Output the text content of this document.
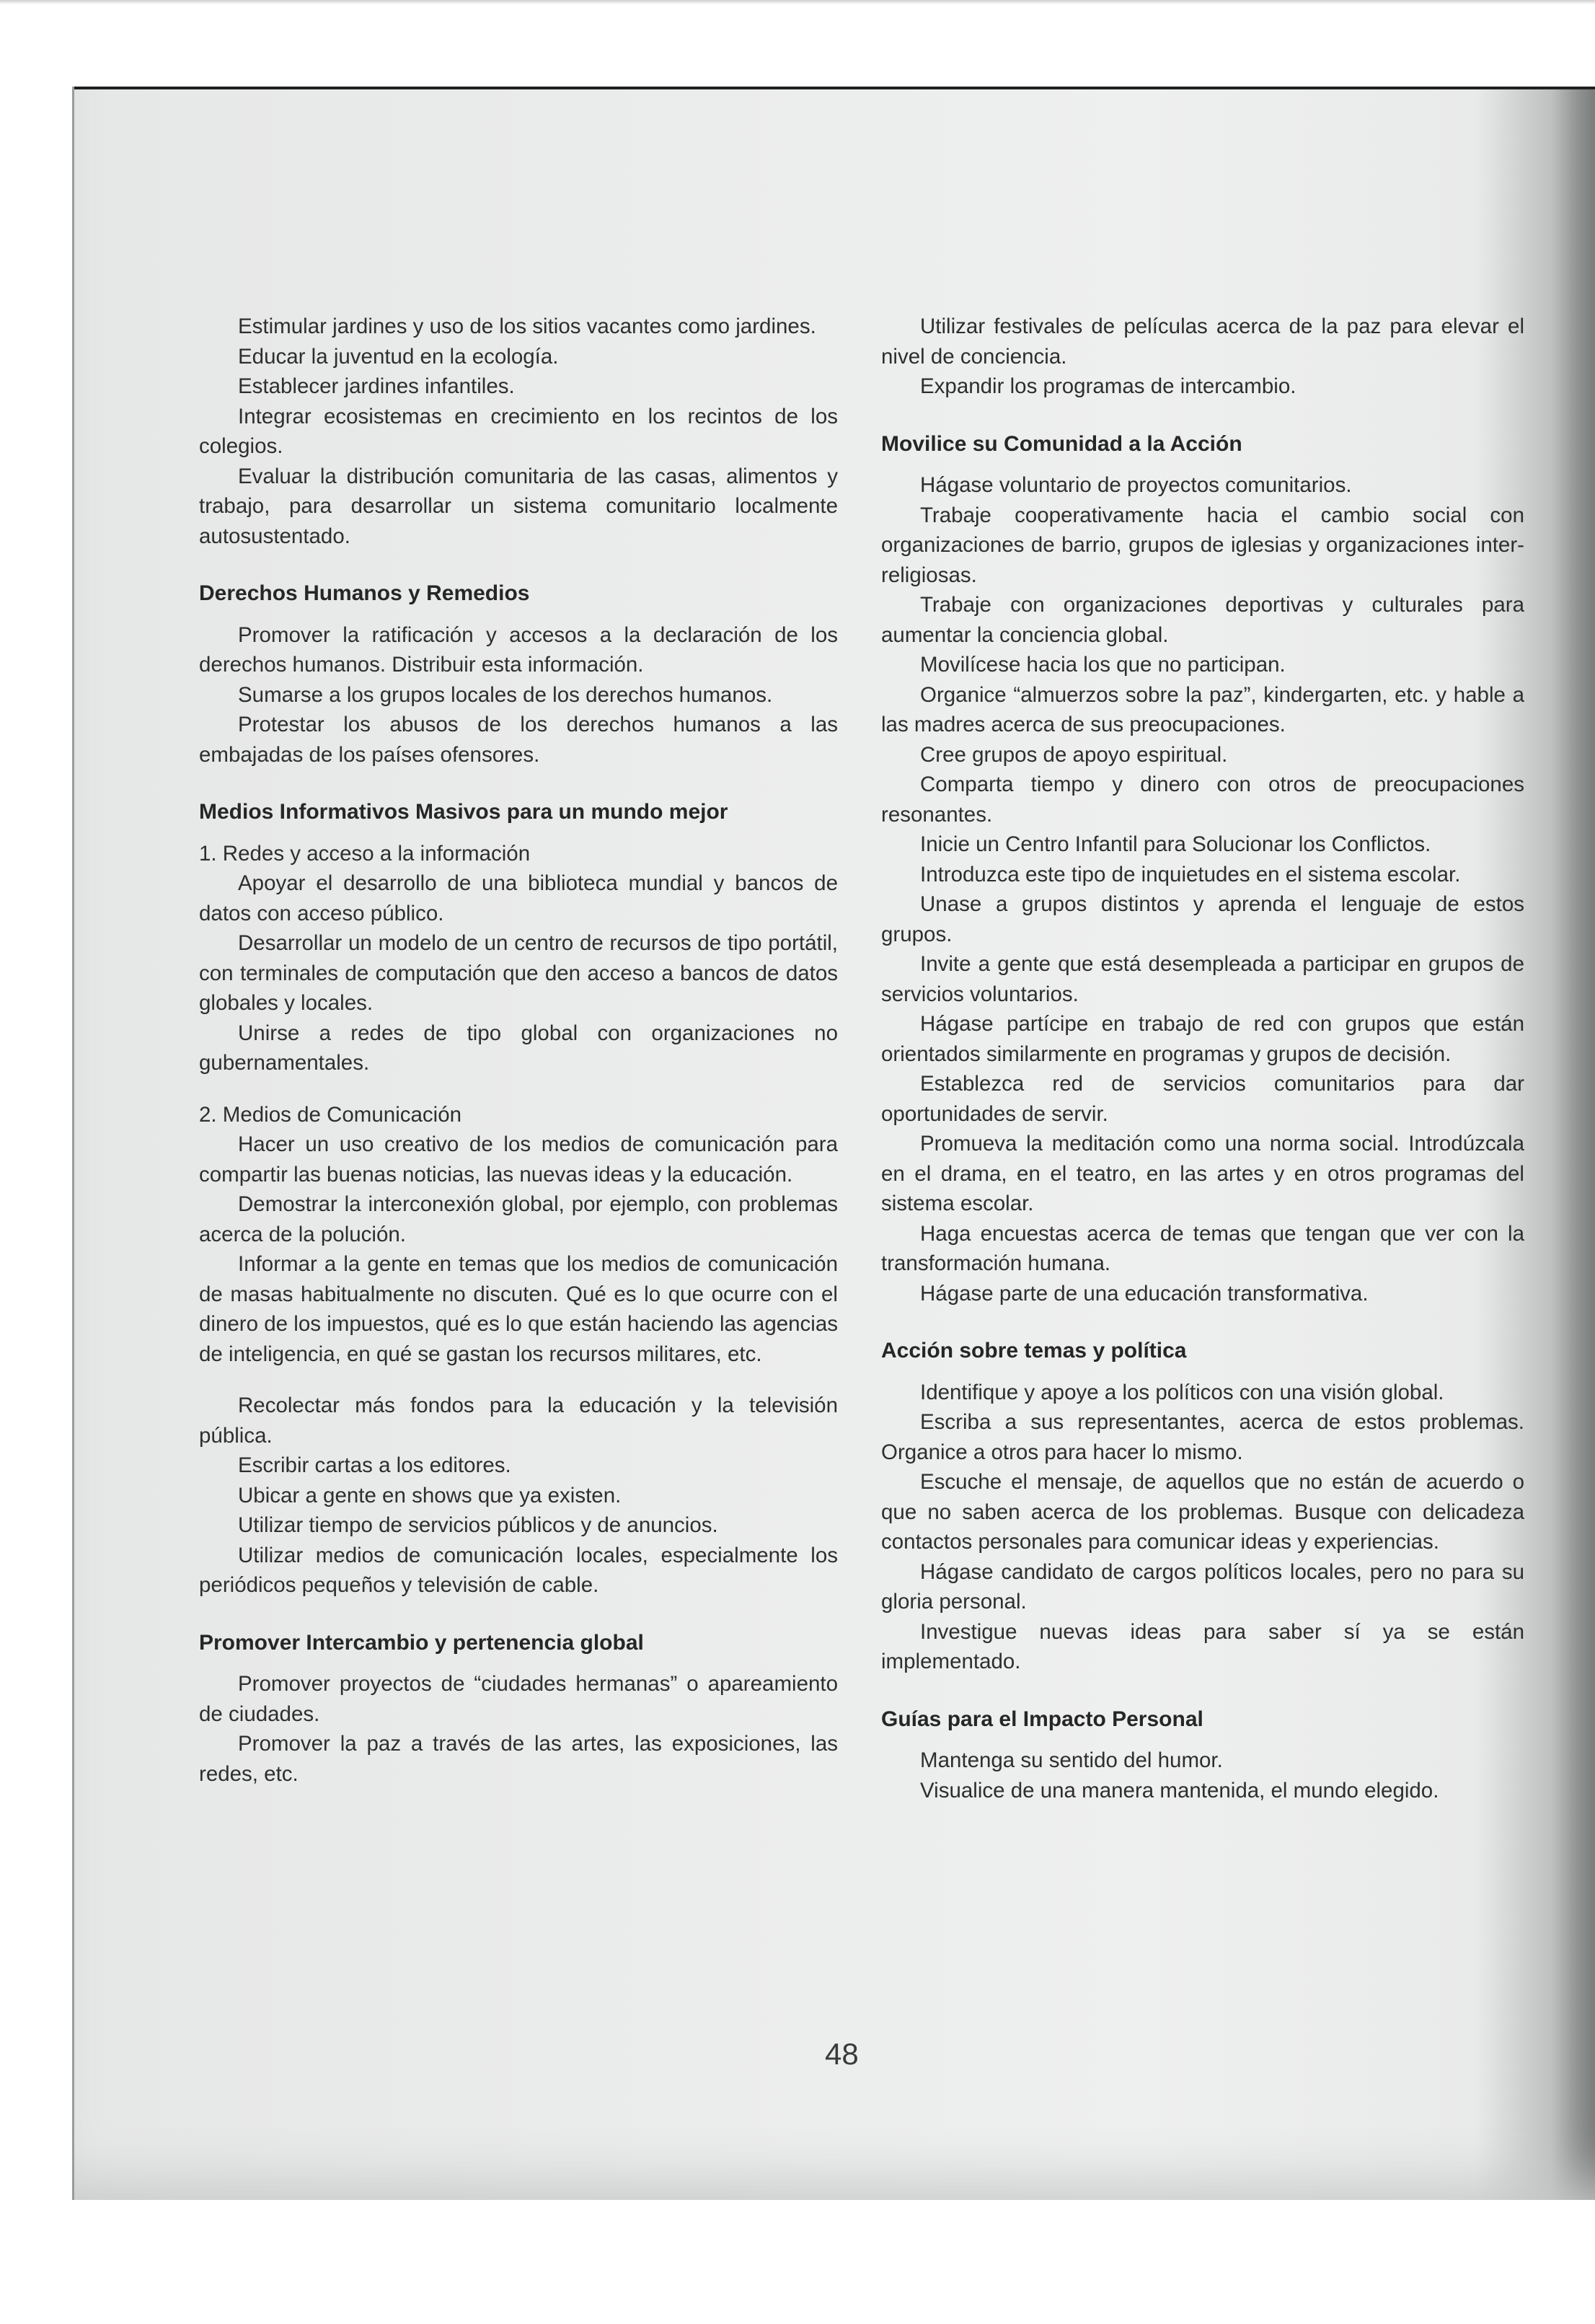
Estimular jardines y uso de los sitios vacantes como jardines.

Educar la juventud en la ecología.

Establecer jardines infantiles.

Integrar ecosistemas en crecimiento en los recintos de los colegios.

Evaluar la distribución comunitaria de las casas, alimentos y trabajo, para desarrollar un sistema comunitario localmente autosustentado.

Derechos Humanos y Remedios

Promover la ratificación y accesos a la declaración de los derechos humanos. Distribuir esta información.

Sumarse a los grupos locales de los derechos humanos.

Protestar los abusos de los derechos humanos a las embajadas de los países ofensores.

Medios Informativos Masivos para un mundo mejor

1. Redes y acceso a la información

Apoyar el desarrollo de una biblioteca mundial y bancos de datos con acceso público.

Desarrollar un modelo de un centro de recursos de tipo portátil, con terminales de computación que den acceso a bancos de datos globales y locales.

Unirse a redes de tipo global con organizaciones no gubernamentales.

2. Medios de Comunicación

Hacer un uso creativo de los medios de comunicación para compartir las buenas noticias, las nuevas ideas y la educación.

Demostrar la interconexión global, por ejemplo, con problemas acerca de la polución.

Informar a la gente en temas que los medios de comunicación de masas habitualmente no discuten. Qué es lo que ocurre con el dinero de los impuestos, qué es lo que están haciendo las agencias de inteligencia, en qué se gastan los recursos militares, etc.

Recolectar más fondos para la educación y la televisión pública.

Escribir cartas a los editores.

Ubicar a gente en shows que ya existen.

Utilizar tiempo de servicios públicos y de anuncios.

Utilizar medios de comunicación locales, especialmente los periódicos pequeños y televisión de cable.

Promover Intercambio y pertenencia global

Promover proyectos de “ciudades hermanas” o apareamiento de ciudades.

Promover la paz a través de las artes, las exposiciones, las redes, etc.

Utilizar festivales de películas acerca de la paz para elevar el nivel de conciencia.

Expandir los programas de intercambio.

Movilice su Comunidad a la Acción

Hágase voluntario de proyectos comunitarios.

Trabaje cooperativamente hacia el cambio social con organizaciones de barrio, grupos de iglesias y organizaciones inter-religiosas.

Trabaje con organizaciones deportivas y culturales para aumentar la conciencia global.

Movilícese hacia los que no participan.

Organice “almuerzos sobre la paz”, kindergarten, etc. y hable a las madres acerca de sus preocupaciones.

Cree grupos de apoyo espiritual.

Comparta tiempo y dinero con otros de preocupaciones resonantes.

Inicie un Centro Infantil para Solucionar los Conflictos.

Introduzca este tipo de inquietudes en el sistema escolar.

Unase a grupos distintos y aprenda el lenguaje de estos grupos.

Invite a gente que está desempleada a participar en grupos de servicios voluntarios.

Hágase partícipe en trabajo de red con grupos que están orientados similarmente en programas y grupos de decisión.

Establezca red de servicios comunitarios para dar oportunidades de servir.

Promueva la meditación como una norma social. Introdúzcala en el drama, en el teatro, en las artes y en otros programas del sistema escolar.

Haga encuestas acerca de temas que tengan que ver con la transformación humana.

Hágase parte de una educación transformativa.

Acción sobre temas y política

Identifique y apoye a los políticos con una visión global.

Escriba a sus representantes, acerca de estos problemas. Organice a otros para hacer lo mismo.

Escuche el mensaje, de aquellos que no están de acuerdo o que no saben acerca de los problemas. Busque con delicadeza contactos personales para comunicar ideas y experiencias.

Hágase candidato de cargos políticos locales, pero no para su gloria personal.

Investigue nuevas ideas para saber sí ya se están implementado.

Guías para el Impacto Personal

Mantenga su sentido del humor.

Visualice de una manera mantenida, el mundo elegido.

48
